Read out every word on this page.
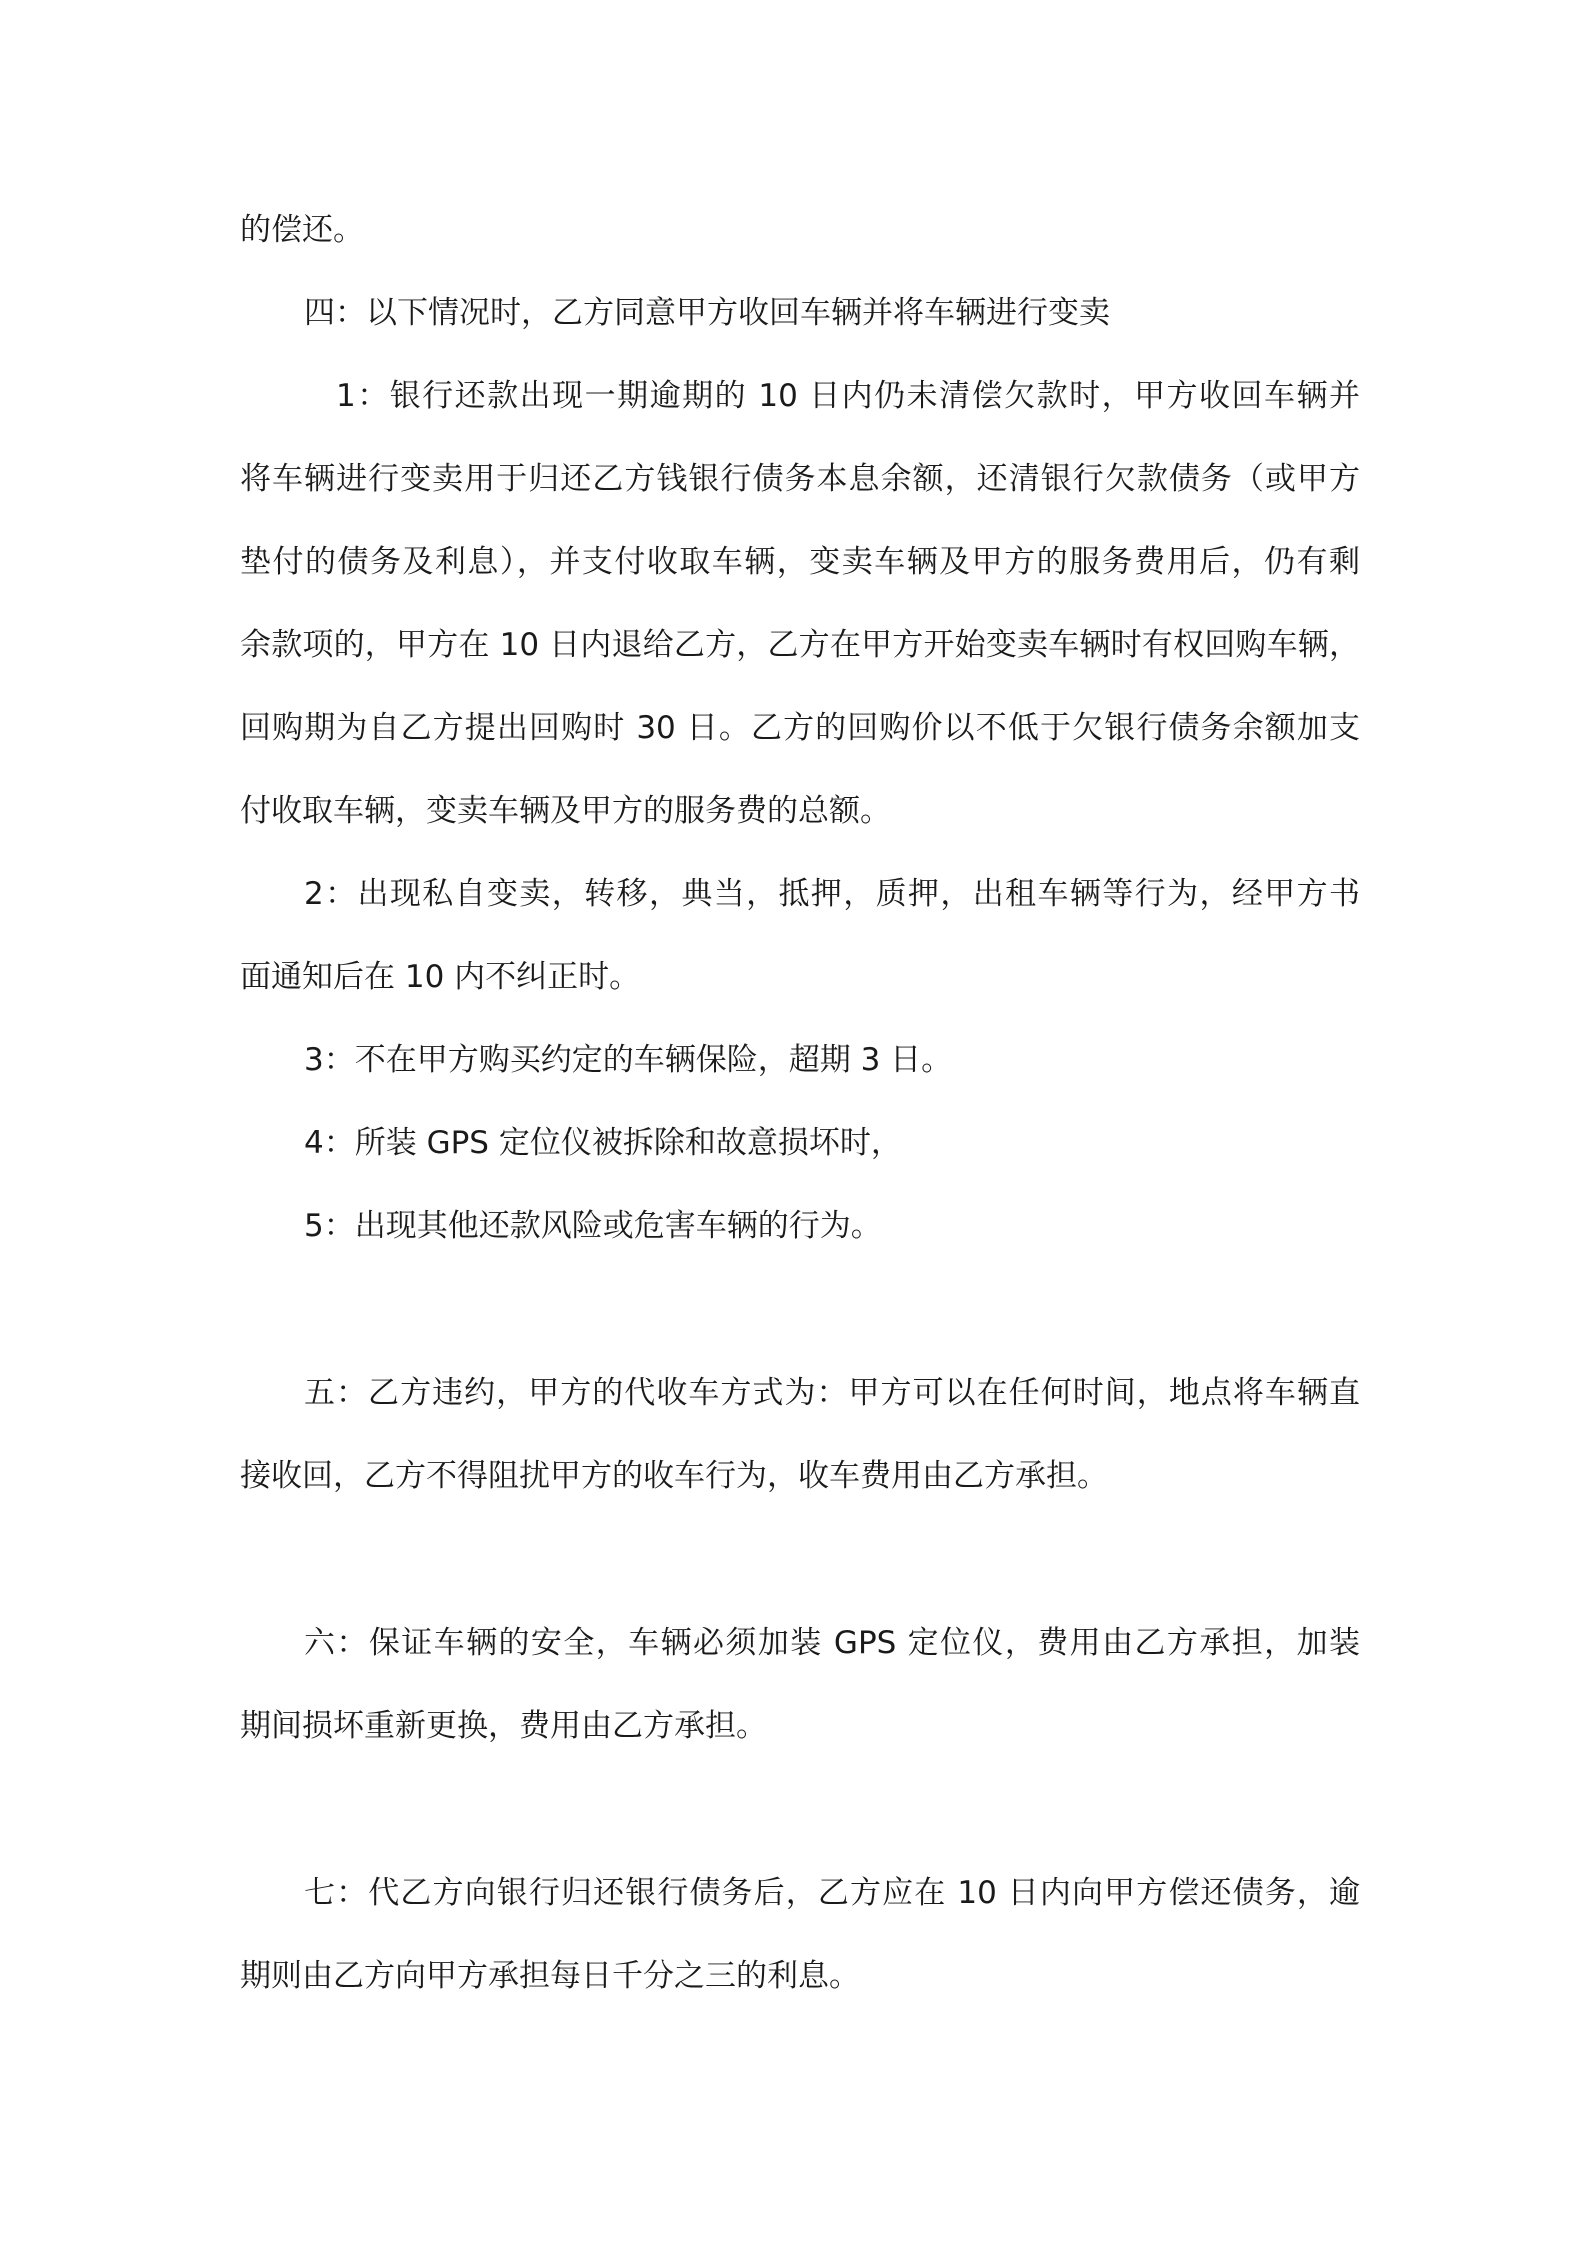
的偿还。
四：以下情况时，乙方同意甲方收回车辆并将车辆进行变卖
1：银行还款出现一期逾期的 10 日内仍未清偿欠款时，甲方收回车辆并
将车辆进行变卖用于归还乙方钱银行债务本息余额，还清银行欠款债务（或甲方
垫付的债务及利息），并支付收取车辆，变卖车辆及甲方的服务费用后，仍有剩
余款项的，甲方在 10 日内退给乙方，乙方在甲方开始变卖车辆时有权回购车辆，
回购期为自乙方提出回购时 30 日。乙方的回购价以不低于欠银行债务余额加支
付收取车辆，变卖车辆及甲方的服务费的总额。
2：出现私自变卖，转移，典当，抵押，质押，出租车辆等行为，经甲方书
面通知后在 10 内不纠正时。
3：不在甲方购买约定的车辆保险，超期 3 日。
4：所装 GPS 定位仪被拆除和故意损坏时，
5：出现其他还款风险或危害车辆的行为。
五：乙方违约，甲方的代收车方式为：甲方可以在任何时间，地点将车辆直
接收回，乙方不得阻扰甲方的收车行为，收车费用由乙方承担。
六：保证车辆的安全，车辆必须加装 GPS 定位仪，费用由乙方承担，加装
期间损坏重新更换，费用由乙方承担。
七：代乙方向银行归还银行债务后，乙方应在 10 日内向甲方偿还债务，逾
期则由乙方向甲方承担每日千分之三的利息。
